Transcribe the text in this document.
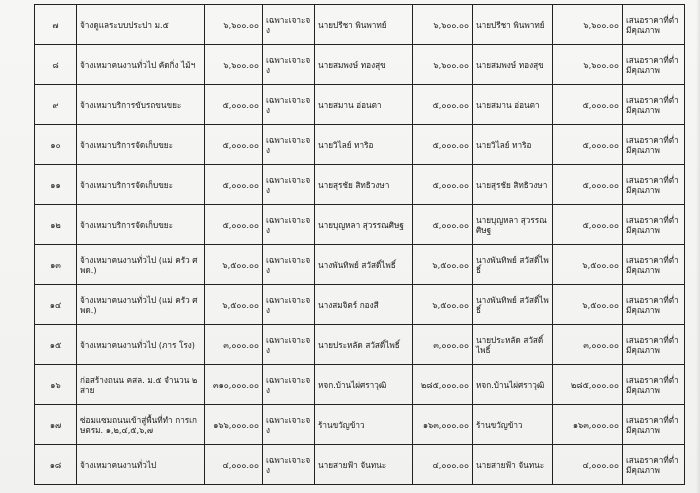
๗	จ้างดูแลระบบประปา ม.๕	๖,๖๐๐.๐๐	เฉพาะเจาะจง	นายปรีชา พินพาทย์	๖,๖๐๐.๐๐	นายปรีชา พินพาทย์	๖,๖๐๐.๐๐	เสนอราคาที่ต่ำ มีคุณภาพ
๘	จ้างเหมาคนงานทั่วไป คัดกิ่ง ไม้ฯ	๖,๖๐๐.๐๐	เฉพาะเจาะจง	นายสมพงษ์ ทองสุข	๖,๖๐๐.๐๐	นายสมพงษ์ ทองสุข	๖,๖๐๐.๐๐	เสนอราคาที่ต่ำ มีคุณภาพ
๙	จ้างเหมาบริการขับรถขนขยะ	๕,๐๐๐.๐๐	เฉพาะเจาะจง	นายสมาน อ่อนตา	๕,๐๐๐.๐๐	นายสมาน อ่อนตา	๕,๐๐๐.๐๐	เสนอราคาที่ต่ำ มีคุณภาพ
๑๐	จ้างเหมาบริการจัดเก็บขยะ	๕,๐๐๐.๐๐	เฉพาะเจาะจง	นายวิไลย์ ทาริอ	๕,๐๐๐.๐๐	นายวิไลย์ ทาริอ	๕,๐๐๐.๐๐	เสนอราคาที่ต่ำ มีคุณภาพ
๑๑	จ้างเหมาบริการจัดเก็บขยะ	๕,๐๐๐.๐๐	เฉพาะเจาะจง	นายสุรชัย สิทธิวงษา	๕,๐๐๐.๐๐	นายสุรชัย สิทธิวงษา	๕,๐๐๐.๐๐	เสนอราคาที่ต่ำ มีคุณภาพ
๑๒	จ้างเหมาบริการจัดเก็บขยะ	๕,๐๐๐.๐๐	เฉพาะเจาะจง	นายบุญหลา สุวรรณศิษฐ	๕,๐๐๐.๐๐	นายบุญหลา สุวรรณ ศิษฐ	๕,๐๐๐.๐๐	เสนอราคาที่ต่ำ มีคุณภาพ
๑๓	จ้างเหมาคนงานทั่วไป (แม่ ครัว ศพด.)	๖,๕๐๐.๐๐	เฉพาะเจาะจง	นางพันทิพย์ สวัสดิ์ไพธิ์	๖,๕๐๐.๐๐	นางพันทิพย์ สวัสดิ์ไพธิ์	๖,๕๐๐.๐๐	เสนอราคาที่ต่ำ มีคุณภาพ
๑๔	จ้างเหมาคนงานทั่วไป (แม่ ครัว ศพด.)	๖,๕๐๐.๐๐	เฉพาะเจาะจง	นางสมจิตร์ กองสี	๖,๕๐๐.๐๐	นางพันทิพย์ สวัสดิ์ไพธิ์	๖,๕๐๐.๐๐	เสนอราคาที่ต่ำ มีคุณภาพ
๑๕	จ้างเหมาคนงานทั่วไป (ภาร โรง)	๓,๐๐๐.๐๐	เฉพาะเจาะจง	นายประหลัด สวัสดิ์ไพธิ์	๓,๐๐๐.๐๐	นายประหลัด สวัสดิ์ ไพธิ์	๓,๐๐๐.๐๐	เสนอราคาที่ต่ำ มีคุณภาพ
๑๖	ก่อสร้างถนน คสล. ม.๕ จำนวน ๒ สาย	๓๑๐,๐๐๐.๐๐	เฉพาะเจาะจง	หจก.บ้านไผ่ศราวุฒิ	๒๘๕,๐๐๐.๐๐	หจก.บ้านไผ่ศราวุฒิ	๒๘๕,๐๐๐.๐๐	เสนอราคาที่ต่ำ มีคุณภาพ
๑๗	ซ่อมแซมถนนเข้าสู่พื้นที่ทำ การเกษตรม. ๑,๒,๔,๕,๖,๗	๑๖๖,๐๐๐.๐๐	เฉพาะเจาะจง	ร้านขวัญข้าว	๑๖๓,๐๐๐.๐๐	ร้านขวัญข้าว	๑๖๓,๐๐๐.๐๐	เสนอราคาที่ต่ำ มีคุณภาพ
๑๘	จ้างเหมาคนงานทั่วไป	๔,๐๐๐.๐๐	เฉพาะเจาะจง	นายสายฟ้า จันทนะ	๔,๐๐๐.๐๐	นายสายฟ้า จันทนะ	๔,๐๐๐.๐๐	เสนอราคาที่ต่ำ มีคุณภาพ
